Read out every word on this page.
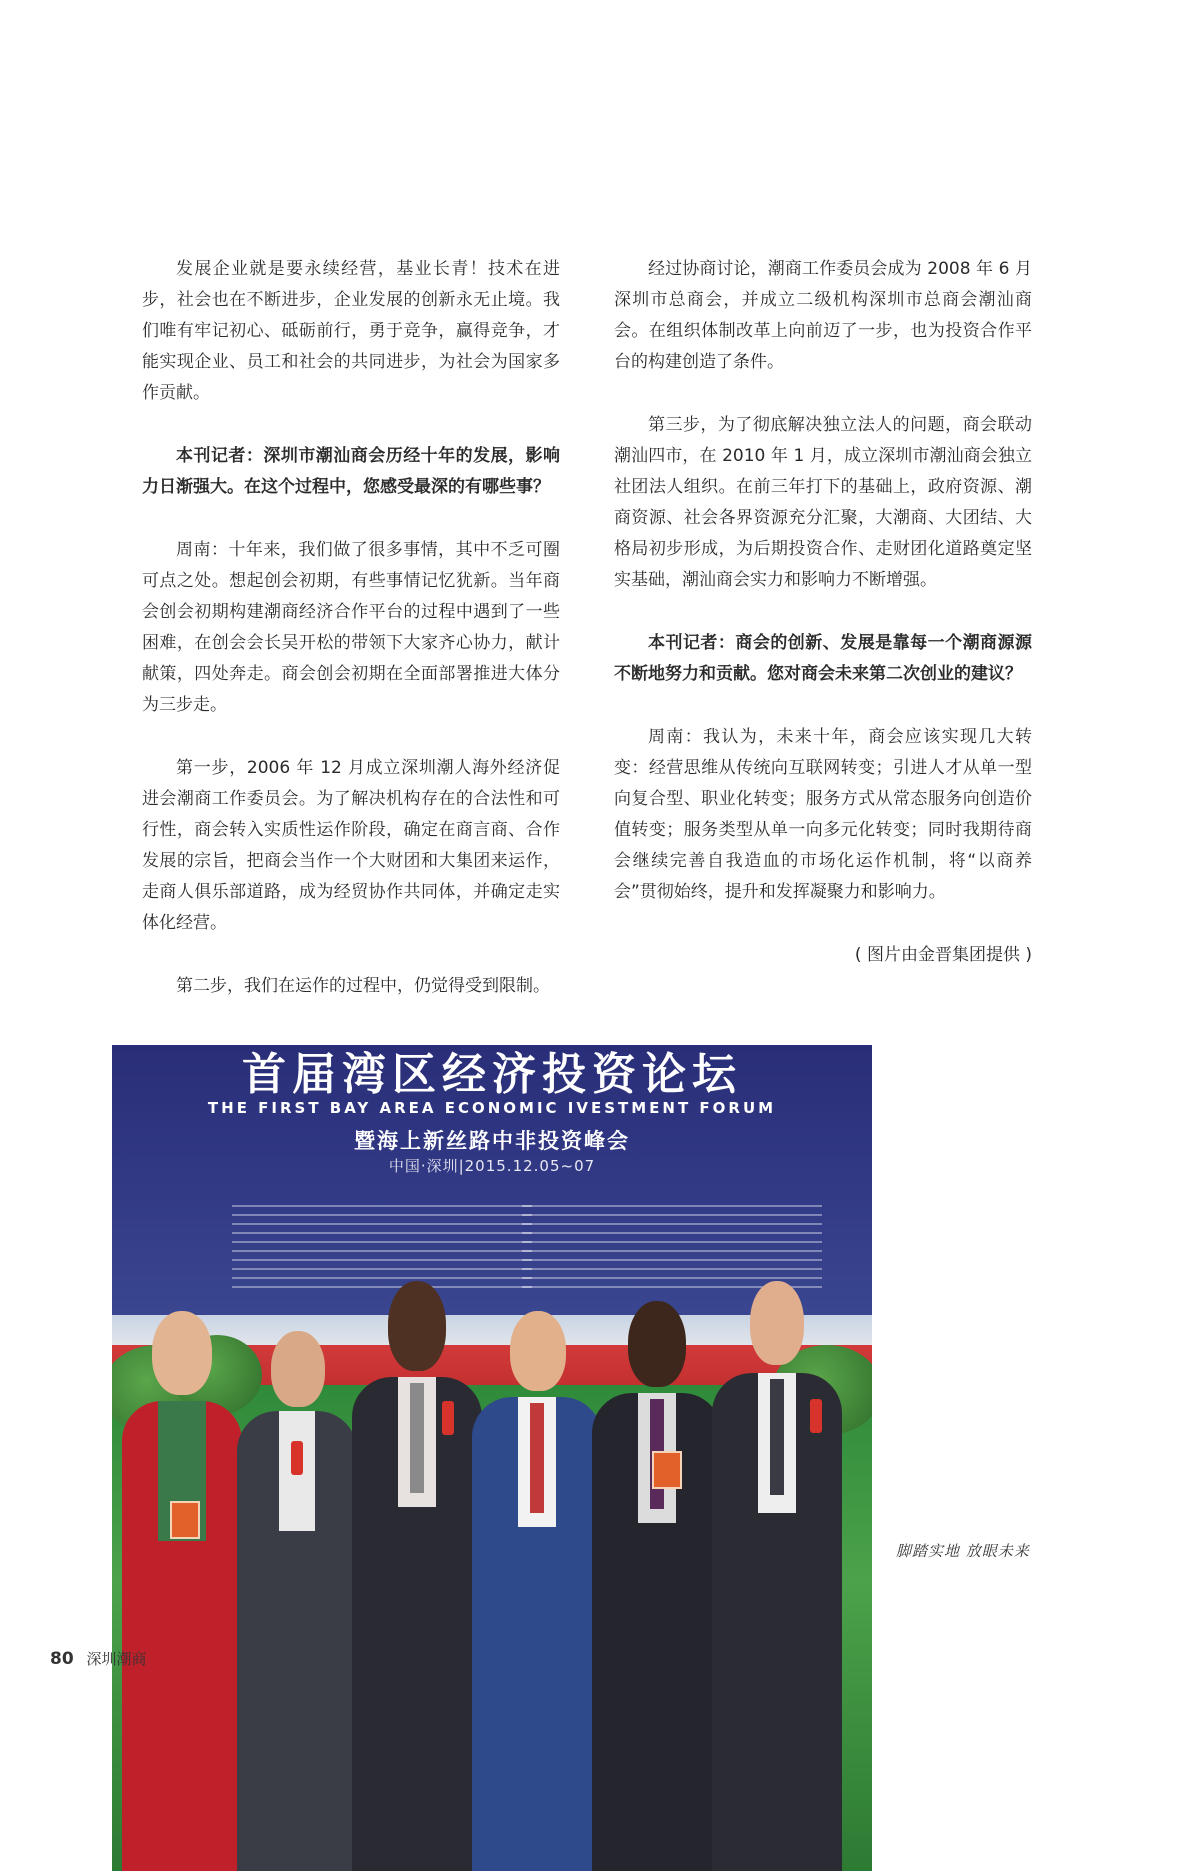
发展企业就是要永续经营，基业长青！技术在进步，社会也在不断进步，企业发展的创新永无止境。我们唯有牢记初心、砥砺前行，勇于竞争，赢得竞争，才能实现企业、员工和社会的共同进步，为社会为国家多作贡献。

本刊记者：深圳市潮汕商会历经十年的发展，影响力日渐强大。在这个过程中，您感受最深的有哪些事？

周南：十年来，我们做了很多事情，其中不乏可圈可点之处。想起创会初期，有些事情记忆犹新。当年商会创会初期构建潮商经济合作平台的过程中遇到了一些困难，在创会会长吴开松的带领下大家齐心协力，献计献策，四处奔走。商会创会初期在全面部署推进大体分为三步走。

第一步，2006 年 12 月成立深圳潮人海外经济促进会潮商工作委员会。为了解决机构存在的合法性和可行性，商会转入实质性运作阶段，确定在商言商、合作发展的宗旨，把商会当作一个大财团和大集团来运作，走商人俱乐部道路，成为经贸协作共同体，并确定走实体化经营。

第二步，我们在运作的过程中，仍觉得受到限制。

经过协商讨论，潮商工作委员会成为 2008 年 6 月深圳市总商会，并成立二级机构深圳市总商会潮汕商会。在组织体制改革上向前迈了一步，也为投资合作平台的构建创造了条件。

第三步，为了彻底解决独立法人的问题，商会联动潮汕四市，在 2010 年 1 月，成立深圳市潮汕商会独立社团法人组织。在前三年打下的基础上，政府资源、潮商资源、社会各界资源充分汇聚，大潮商、大团结、大格局初步形成，为后期投资合作、走财团化道路奠定坚实基础，潮汕商会实力和影响力不断增强。

本刊记者：商会的创新、发展是靠每一个潮商源源不断地努力和贡献。您对商会未来第二次创业的建议？

周南：我认为，未来十年，商会应该实现几大转变：经营思维从传统向互联网转变；引进人才从单一型向复合型、职业化转变；服务方式从常态服务向创造价值转变；服务类型从单一向多元化转变；同时我期待商会继续完善自我造血的市场化运作机制，将“以商养会”贯彻始终，提升和发挥凝聚力和影响力。

( 图片由金晋集团提供 )

首届湾区经济投资论坛
THE FIRST BAY AREA ECONOMIC IVESTMENT FORUM
暨海上新丝路中非投资峰会
中国·深圳|2015.12.05~07
脚踏实地 放眼未来
80 深圳潮商
